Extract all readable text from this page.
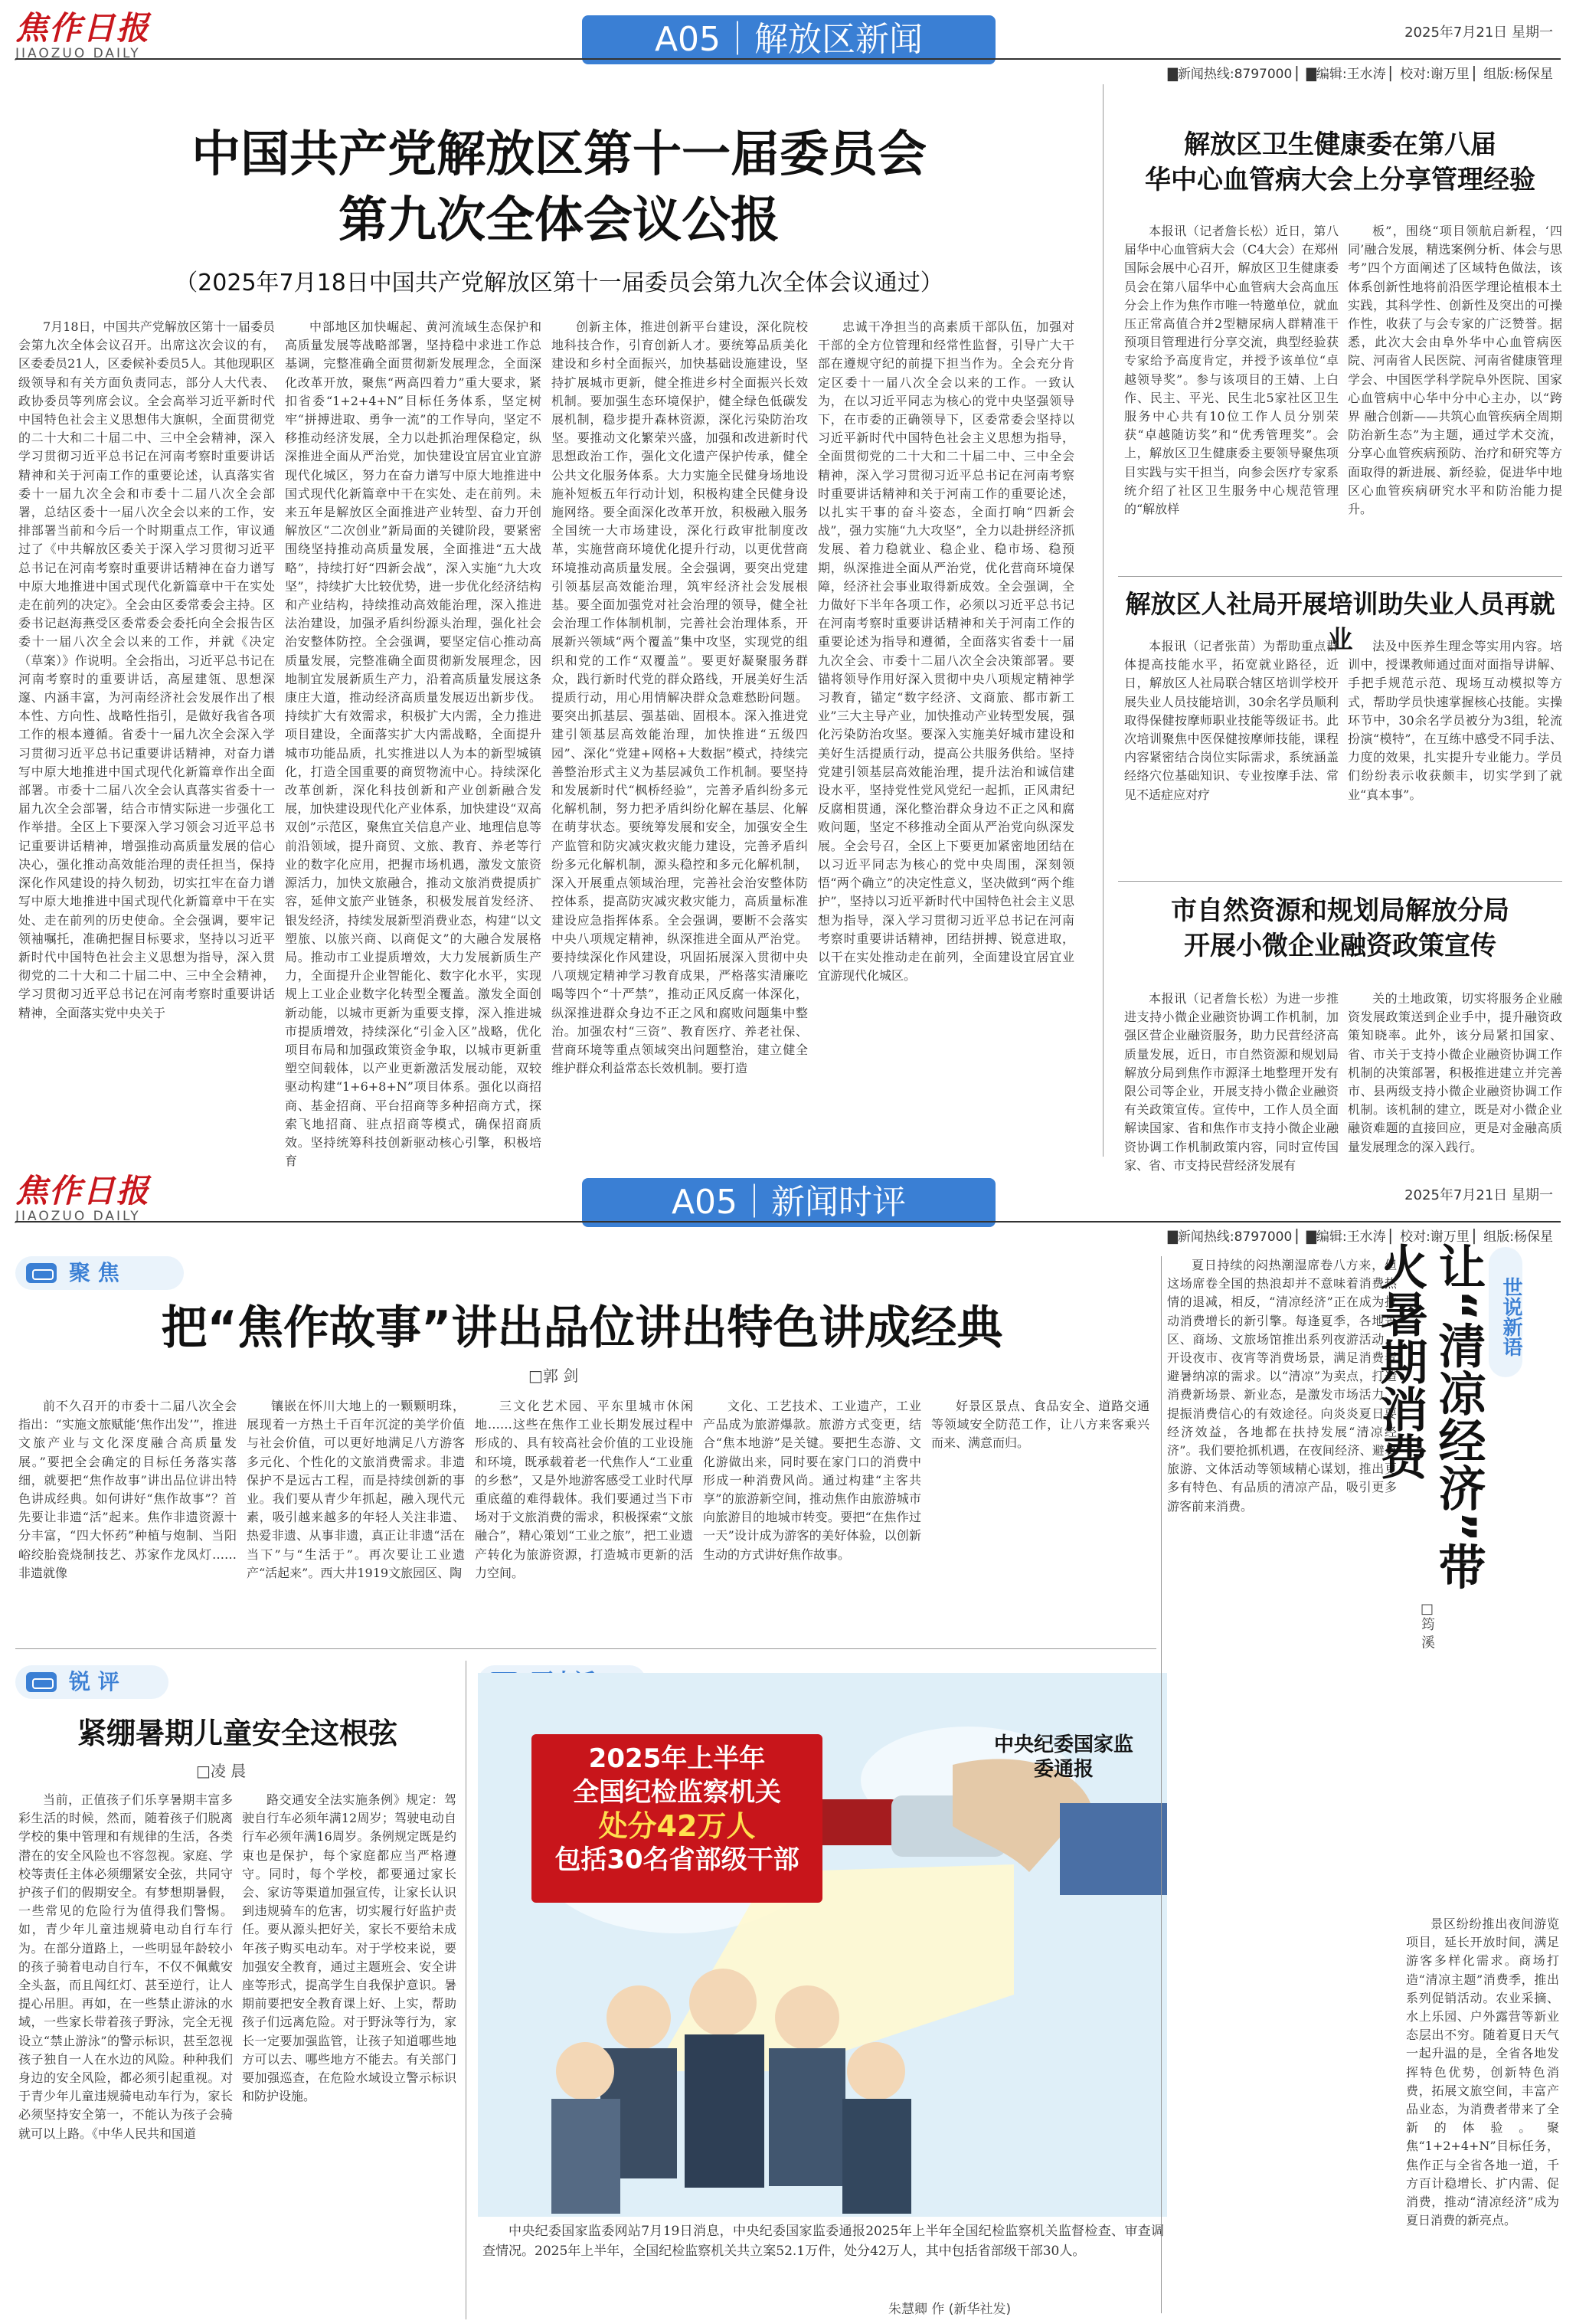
焦作日报
JIAOZUO DAILY	A05｜解放区新闻	2025年7月21日 星期一
▇新闻热线:8797000 ▏▇编辑:王水涛 ▏校对:谢万里 ▏组版:杨保星
中国共产党解放区第十一届委员会
第九次全体会议公报
（2025年7月18日中国共产党解放区第十一届委员会第九次全体会议通过）

7月18日，中国共产党解放区第十一届委员会第九次全体会议召开。出席这次会议的有，区委委员21人，区委候补委员5人。其他现职区级领导和有关方面负责同志，部分人大代表、政协委员等列席会议。全会高举习近平新时代中国特色社会主义思想伟大旗帜，全面贯彻党的二十大和二十届二中、三中全会精神，深入学习贯彻习近平总书记在河南考察时重要讲话精神和关于河南工作的重要论述，认真落实省委十一届九次全会和市委十二届八次全会部署，总结区委十一届八次全会以来的工作，安排部署当前和今后一个时期重点工作，审议通过了《中共解放区委关于深入学习贯彻习近平总书记在河南考察时重要讲话精神在奋力谱写中原大地推进中国式现代化新篇章中干在实处走在前列的决定》。全会由区委常委会主持。区委书记赵海燕受区委常委会委托向全会报告区委十一届八次全会以来的工作，并就《决定（草案）》作说明。全会指出，习近平总书记在河南考察时的重要讲话，高屋建瓴、思想深邃、内涵丰富，为河南经济社会发展作出了根本性、方向性、战略性指引，是做好我省各项工作的根本遵循。省委十一届九次全会深入学习贯彻习近平总书记重要讲话精神，对奋力谱写中原大地推进中国式现代化新篇章作出全面部署。市委十二届八次全会认真落实省委十一届九次全会部署，结合市情实际进一步强化工作举措。全区上下要深入学习领会习近平总书记重要讲话精神，增强推动高质量发展的信心决心，强化推动高效能治理的责任担当，保持深化作风建设的持久韧劲，切实扛牢在奋力谱写中原大地推进中国式现代化新篇章中干在实处、走在前列的历史使命。全会强调，要牢记领袖嘱托，准确把握目标要求，坚持以习近平新时代中国特色社会主义思想为指导，深入贯彻党的二十大和二十届二中、三中全会精神，学习贯彻习近平总书记在河南考察时重要讲话精神，全面落实党中央关于

中部地区加快崛起、黄河流域生态保护和高质量发展等战略部署，坚持稳中求进工作总基调，完整准确全面贯彻新发展理念，全面深化改革开放，聚焦“两高四着力”重大要求，紧扣省委“1+2+4+N”目标任务体系，坚定树牢“拼搏进取、勇争一流”的工作导向，坚定不移推动经济发展，全力以赴抓治理保稳定，纵深推进全面从严治党，加快建设宜居宜业宜游现代化城区，努力在奋力谱写中原大地推进中国式现代化新篇章中干在实处、走在前列。未来五年是解放区全面推进产业转型、奋力开创解放区“二次创业”新局面的关键阶段，要紧密围绕坚持推动高质量发展，全面推进“五大战略”，持续打好“四新会战”，深入实施“九大攻坚”，持续扩大比较优势，进一步优化经济结构和产业结构，持续推动高效能治理，深入推进法治建设，加强矛盾纠纷源头治理，强化社会治安整体防控。全会强调，要坚定信心推动高质量发展，完整准确全面贯彻新发展理念，因地制宜发展新质生产力，沿着高质量发展这条康庄大道，推动经济高质量发展迈出新步伐。持续扩大有效需求，积极扩大内需，全力推进项目建设，全面落实扩大内需战略，全面提升城市功能品质，扎实推进以人为本的新型城镇化，打造全国重要的商贸物流中心。持续深化改革创新，深化科技创新和产业创新融合发展，加快建设现代化产业体系，加快建设“双高双创”示范区，聚焦宜关信息产业、地理信息等前沿领域，提升商贸、文旅、教育、养老等行业的数字化应用，把握市场机遇，激发文旅资源活力，加快文旅融合，推动文旅消费提质扩容，延伸文旅产业链条，积极发展首发经济、银发经济，持续发展新型消费业态，构建“以文塑旅、以旅兴商、以商促文”的大融合发展格局。推动市工业提质增效，大力发展新质生产力，全面提升企业智能化、数字化水平，实现规上工业企业数字化转型全覆盖。激发全面创新动能，以城市更新为重要支撑，深入推进城市提质增效，持续深化“引金入区”战略，优化项目布局和加强政策资金争取，以城市更新重塑空间载体，以产业更新激活发展动能，双较驱动构建“1+6+8+N”项目体系。强化以商招商、基金招商、平台招商等多种招商方式，探索飞地招商、驻点招商等模式，确保招商质效。坚持统筹科技创新驱动核心引擎，积极培育

创新主体，推进创新平台建设，深化院校地科技合作，引育创新人才。要统筹品质美化建设和乡村全面振兴，加快基础设施建设，坚持扩展城市更新，健全推进乡村全面振兴长效机制。要加强生态环境保护，健全绿色低碳发展机制，稳步提升森林资源，深化污染防治攻坚。要推动文化繁荣兴盛，加强和改进新时代思想政治工作，强化文化遗产保护传承，健全公共文化服务体系。大力实施全民健身场地设施补短板五年行动计划，积极构建全民健身设施网络。要全面深化改革开放，积极融入服务全国统一大市场建设，深化行政审批制度改革，实施营商环境优化提升行动，以更优营商环境推动高质量发展。全会强调，要突出党建引领基层高效能治理，筑牢经济社会发展根基。要全面加强党对社会治理的领导，健全社会治理工作体制机制，完善社会治理体系，开展新兴领域“两个覆盖”集中攻坚，实现党的组织和党的工作“双覆盖”。要更好凝聚服务群众，践行新时代党的群众路线，开展美好生活提质行动，用心用情解决群众急难愁盼问题。要突出抓基层、强基础、固根本。深入推进党建引领基层高效能治理，加快推进“五级四园”、深化“党建+网格+大数据”模式，持续完善整治形式主义为基层减负工作机制。要坚持和发展新时代“枫桥经验”，完善矛盾纠纷多元化解机制，努力把矛盾纠纷化解在基层、化解在萌芽状态。要统筹发展和安全，加强安全生产监管和防灾减灾救灾能力建设，完善矛盾纠纷多元化解机制，源头稳控和多元化解机制，深入开展重点领域治理，完善社会治安整体防控体系，提高防灾减灾救灾能力，高质量标准建设应急指挥体系。全会强调，要断不会落实中央八项规定精神，纵深推进全面从严治党。要持续深化作风建设，巩固拓展深入贯彻中央八项规定精神学习教育成果，严格落实清廉吃喝等四个“十严禁”，推动正风反腐一体深化，纵深推进群众身边不正之风和腐败问题集中整治。加强农村“三资”、教育医疗、养老社保、营商环境等重点领域突出问题整治，建立健全维护群众利益常态长效机制。要打造

忠诚干净担当的高素质干部队伍，加强对干部的全方位管理和经常性监督，引导广大干部在遵规守纪的前提下担当作为。全会充分肯定区委十一届八次全会以来的工作。一致认为，在以习近平同志为核心的党中央坚强领导下，在市委的正确领导下，区委常委会坚持以习近平新时代中国特色社会主义思想为指导，全面贯彻党的二十大和二十届二中、三中全会精神，深入学习贯彻习近平总书记在河南考察时重要讲话精神和关于河南工作的重要论述，以扎实干事的奋斗姿态，全面打响“四新会战”，强力实施“九大攻坚”，全力以赴拼经济抓发展、着力稳就业、稳企业、稳市场、稳预期，纵深推进全面从严治党，优化营商环境保障，经济社会事业取得新成效。全会强调，全力做好下半年各项工作，必须以习近平总书记在河南考察时重要讲话精神和关于河南工作的重要论述为指导和遵循，全面落实省委十一届九次全会、市委十二届八次全会决策部署。要锚将领导作用好深入贯彻中央八项规定精神学习教育，锚定“数字经济、文商旅、都市新工业”三大主导产业，加快推动产业转型发展，强化污染防治攻坚。要深入实施美好城市建设和美好生活提质行动，提高公共服务供给。坚持党建引领基层高效能治理，提升法治和诚信建设水平，坚持党性党风党纪一起抓，正风肃纪反腐相贯通，深化整治群众身边不正之风和腐败问题，坚定不移推动全面从严治党向纵深发展。全会号召，全区上下要更加紧密地团结在以习近平同志为核心的党中央周围，深刻领悟“两个确立”的决定性意义，坚决做到“两个维护”，坚持以习近平新时代中国特色社会主义思想为指导，深入学习贯彻习近平总书记在河南考察时重要讲话精神，团结拼搏、锐意进取，以干在实处推动走在前列，全面建设宜居宜业宜游现代化城区。

解放区卫生健康委在第八届
华中心血管病大会上分享管理经验

本报讯（记者詹长松）近日，第八届华中心血管病大会（C4大会）在郑州国际会展中心召开，解放区卫生健康委员会在第八届华中心血管病大会高血压分会上作为焦作市唯一特邀单位，就血压正常高值合并2型糖尿病人群精准干预项目管理进行分享交流，典型经验获专家给予高度肯定，并授予该单位“卓越领导奖”。参与该项目的王婧、上白作、民主、平光、民生北5家社区卫生服务中心共有10位工作人员分别荣获“卓越随访奖”和“优秀管理奖”。会上，解放区卫生健康委主要领导聚焦项目实践与实干担当，向参会医疗专家系统介绍了社区卫生服务中心规范管理的“解放样

板”，围绕“项目领航启新程，‘四同’融合发展，精选案例分析、体会与思考”四个方面阐述了区域特色做法，该体系创新性地将前沿医学理论植根本土实践，其科学性、创新性及突出的可操作性，收获了与会专家的广泛赞誉。据悉，此次大会由阜外华中心血管病医院、河南省人民医院、河南省健康管理学会、中国医学科学院阜外医院、国家心血管病中心华中分中心主办，以“跨界 融合创新——共筑心血管疾病全周期防治新生态”为主题，通过学术交流，分享心血管疾病预防、治疗和研究等方面取得的新进展、新经验，促进华中地区心血管疾病研究水平和防治能力提升。

解放区人社局开展培训助失业人员再就业

本报讯（记者张苗）为帮助重点群体提高技能水平，拓宽就业路径，近日，解放区人社局联合辖区培训学校开展失业人员技能培训，30余名学员顺利取得保健按摩师职业技能等级证书。此次培训聚焦中医保健按摩师技能，课程内容紧密结合岗位实际需求，系统涵盖经络穴位基础知识、专业按摩手法、常见不适症应对疗

法及中医养生理念等实用内容。培训中，授课教师通过面对面指导讲解、手把手规范示范、现场互动模拟等方式，帮助学员快速掌握核心技能。实操环节中，30余名学员被分为3组，轮流扮演“模特”，在互练中感受不同手法、力度的效果，扎实提升专业能力。学员们纷纷表示收获颇丰，切实学到了就业“真本事”。

市自然资源和规划局解放分局
开展小微企业融资政策宣传

本报讯（记者詹长松）为进一步推进支持小微企业融资协调工作机制，加强区营企业融资服务，助力民营经济高质量发展，近日，市自然资源和规划局解放分局到焦作市源泽土地整理开发有限公司等企业，开展支持小微企业融资有关政策宣传。宣传中，工作人员全面解读国家、省和焦作市支持小微企业融资协调工作机制政策内容，同时宣传国家、省、市支持民营经济发展有

关的土地政策，切实将服务企业融资发展政策送到企业手中，提升融资政策知晓率。此外，该分局紧扣国家、省、市关于支持小微企业融资协调工作机制的决策部署，积极推进建立并完善市、县两级支持小微企业融资协调工作机制。该机制的建立，既是对小微企业融资难题的直接回应，更是对金融高质量发展理念的深入践行。

焦作日报
JIAOZUO DAILY	A05｜新闻时评	2025年7月21日 星期一
▇新闻热线:8797000 ▏▇编辑:王水涛 ▏校对:谢万里 ▏组版:杨保星
聚 焦
把“焦作故事”讲出品位讲出特色讲成经典
□郭 剑

前不久召开的市委十二届八次全会指出：“实施文旅赋能‘焦作出发’”，推进文旅产业与文化深度融合高质量发展。”要把全会确定的目标任务落实落细，就要把“焦作故事”讲出品位讲出特色讲成经典。如何讲好“焦作故事”？首先要让非遗“活”起来。焦作非遗资源十分丰富，“四大怀药”种植与炮制、当阳峪绞胎瓷烧制技艺、苏家作龙凤灯……非遗就像

镶嵌在怀川大地上的一颗颗明珠，展现着一方热土千百年沉淀的美学价值与社会价值，可以更好地满足八方游客多元化、个性化的文旅消费需求。非遗保护不是远古工程，而是持续创新的事业。我们要从青少年抓起，融入现代元素，吸引越来越多的年轻人关注非遗、热爱非遗、从事非遗，真正让非遗“活在当下”与“生活于”。再次要让工业遗产“活起来”。西大井1919文旅园区、陶

三文化艺术园、平东里城市休闲地……这些在焦作工业长期发展过程中形成的、具有较高社会价值的工业设施和环境，既承载着老一代焦作人“工业重的乡愁”，又是外地游客感受工业时代厚重底蕴的难得载体。我们要通过当下市场对于文旅消费的需求，积极探索“文旅融合”，精心策划“工业之旅”，把工业遗产转化为旅游资源，打造城市更新的活力空间。

文化、工艺技术、工业遗产，工业产品成为旅游爆款。旅游方式变更，结合“焦本地游”是关键。要把生态游、文化游做出来，同时要在家门口的消费中形成一种消费风尚。通过构建“主客共享”的旅游新空间，推动焦作由旅游城市向旅游目的地城市转变。要把“在焦作过一天”设计成为游客的美好体验，以创新生动的方式讲好焦作故事。

好景区景点、食品安全、道路交通等领域安全防范工作，让八方来客乘兴而来、满意而归。

锐 评
紧绷暑期儿童安全这根弦
□凌 晨

当前，正值孩子们乐享暑期丰富多彩生活的时候，然而，随着孩子们脱离学校的集中管理和有规律的生活，各类潜在的安全风险也不容忽视。家庭、学校等责任主体必须绷紧安全弦，共同守护孩子们的假期安全。有梦想期暑假，一些常见的危险行为值得我们警惕。如，青少年儿童违规骑电动自行车行为。在部分道路上，一些明显年龄较小的孩子骑着电动自行车，不仅不佩戴安全头盔，而且闯红灯、甚至逆行，让人提心吊胆。再如，在一些禁止游泳的水域，一些家长带着孩子野泳，完全无视设立“禁止游泳”的警示标识，甚至忽视孩子独自一人在水边的风险。种种我们身边的安全风险，都必须引起重视。对于青少年儿童违规骑电动车行为，家长必须坚持安全第一，不能认为孩子会骑就可以上路。《中华人民共和国道

路交通安全法实施条例》规定：驾驶自行车必须年满12周岁；驾驶电动自行车必须年满16周岁。条例规定既是约束也是保护，每个家庭都应当严格遵守。同时，每个学校，都要通过家长会、家访等渠道加强宣传，让家长认识到违规骑车的危害，切实履行好监护责任。要从源头把好关，家长不要给未成年孩子购买电动车。对于学校来说，要加强安全教育，通过主题班会、安全讲座等形式，提高学生自我保护意识。暑期前要把安全教育课上好、上实，帮助孩子们远离危险。对于野泳等行为，家长一定要加强监管，让孩子知道哪些地方可以去、哪些地方不能去。有关部门要加强巡查，在危险水域设立警示标识和防护设施。

中央纪委国家监委通报
2025年上半年
全国纪检监察机关
处分42万人
包括30名省部级干部

中央纪委国家监委网站7月19日消息，中央纪委国家监委通报2025年上半年全国纪检监察机关监督检查、审查调查情况。2025年上半年，全国纪检监察机关共立案52.1万件，处分42万人，其中包括省部级干部30人。

朱慧卿 作 (新华社发)

夏日持续的闷热潮湿席卷八方来，但这场席卷全国的热浪却并不意味着消费热情的退减，相反，“清凉经济”正在成为拉动消费增长的新引擎。每逢夏季，各地景区、商场、文旅场馆推出系列夜游活动，开设夜市、夜宵等消费场景，满足消费者避暑纳凉的需求。以“清凉”为卖点，打造消费新场景、新业态，是激发市场活力、提振消费信心的有效途径。向炎炎夏日要经济效益，各地都在扶持发展“清凉经济”。我们要抢抓机遇，在夜间经济、避暑旅游、文体活动等领域精心谋划，推出更多有特色、有品质的清凉产品，吸引更多游客前来消费。

世说新语
让“清凉经济”带火暑期消费
□筠 溪

景区纷纷推出夜间游览项目，延长开放时间，满足游客多样化需求。商场打造“清凉主题”消费季，推出系列促销活动。农业采摘、水上乐园、户外露营等新业态层出不穷。随着夏日天气一起升温的是，全省各地发挥特色优势，创新特色消费，拓展文旅空间，丰富产品业态，为消费者带来了全新的体验。聚焦“1+2+4+N”目标任务，焦作正与全省各地一道，千方百计稳增长、扩内需、促消费，推动“清凉经济”成为夏日消费的新亮点。
